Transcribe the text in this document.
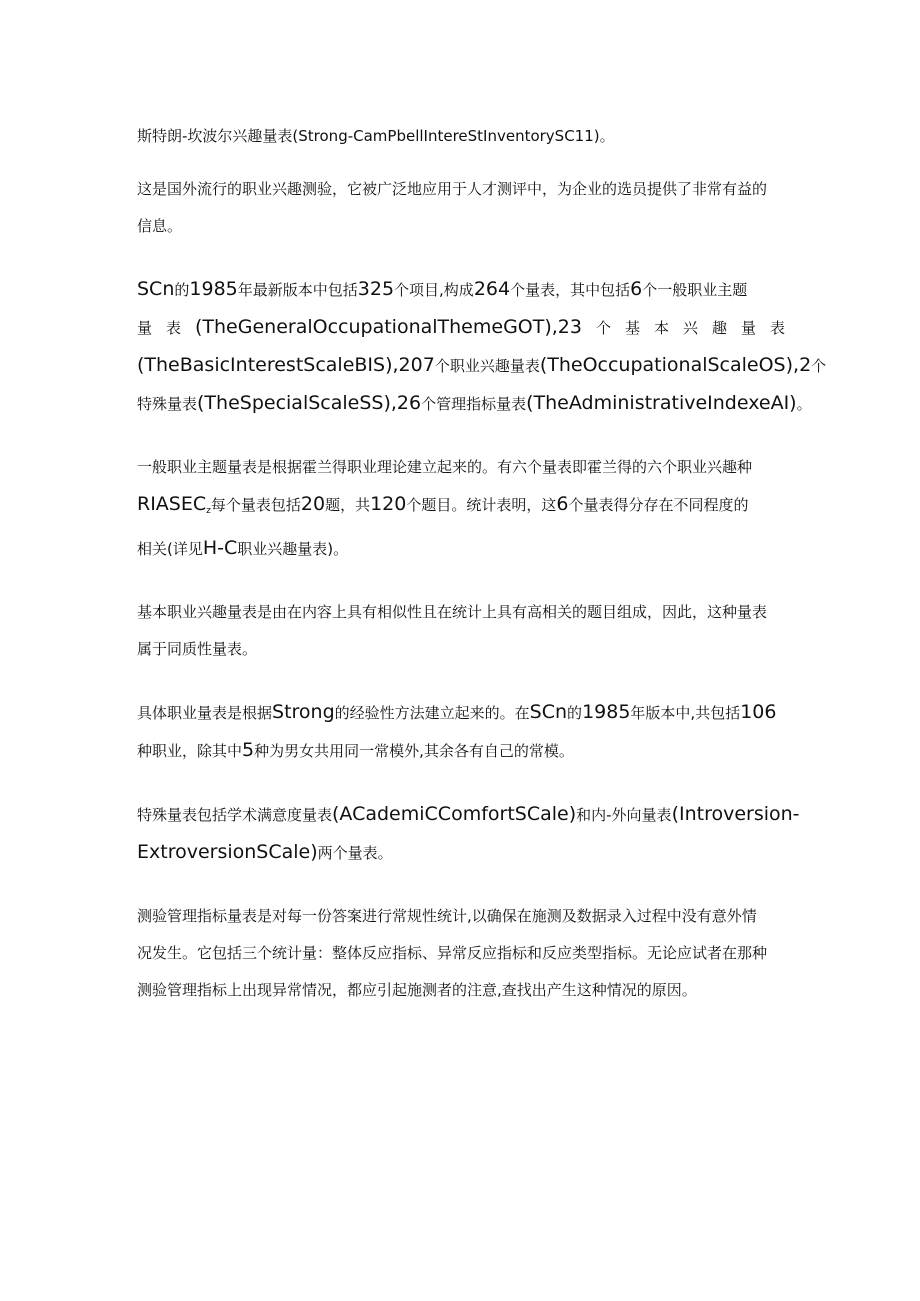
斯特朗-坎波尔兴趣量表(Strong-CamPbellIntereStInventorySC11)。

这是国外流行的职业兴趣测验，它被广泛地应用于人才测评中，为企业的选员提供了非常有益的
信息。

SCn的1985年最新版本中包括325个项目,构成264个量表，其中包括6个一般职业主题

量 表 (TheGeneralOccupationalThemeGOT),23 个 基 本 兴 趣 量 表
(TheBasicInterestScaleBIS),207个职业兴趣量表(TheOccupationalScaleOS),2个
特殊量表(TheSpecialScaleSS),26个管理指标量表(TheAdministrativeIndexeAI)。

一般职业主题量表是根据霍兰得职业理论建立起来的。有六个量表即霍兰得的六个职业兴趣种
$RIASEC_z$每个量表包括20题，共120个题目。统计表明，这6个量表得分存在不同程度的
相关(详见H-C职业兴趣量表)。

基本职业兴趣量表是由在内容上具有相似性且在统计上具有高相关的题目组成，因此，这种量表
属于同质性量表。

具体职业量表是根据Strong的经验性方法建立起来的。在SCn的1985年版本中,共包括106
种职业，除其中5种为男女共用同一常模外,其余各有自己的常模。

特殊量表包括学术满意度量表(ACademiCComfortSCale)和内-外向量表(Introversion-
ExtroversionSCale)两个量表。

测验管理指标量表是对每一份答案进行常规性统计,以确保在施测及数据录入过程中没有意外情
况发生。它包括三个统计量：整体反应指标、异常反应指标和反应类型指标。无论应试者在那种
测验管理指标上出现异常情况，都应引起施测者的注意,查找出产生这种情况的原因。
